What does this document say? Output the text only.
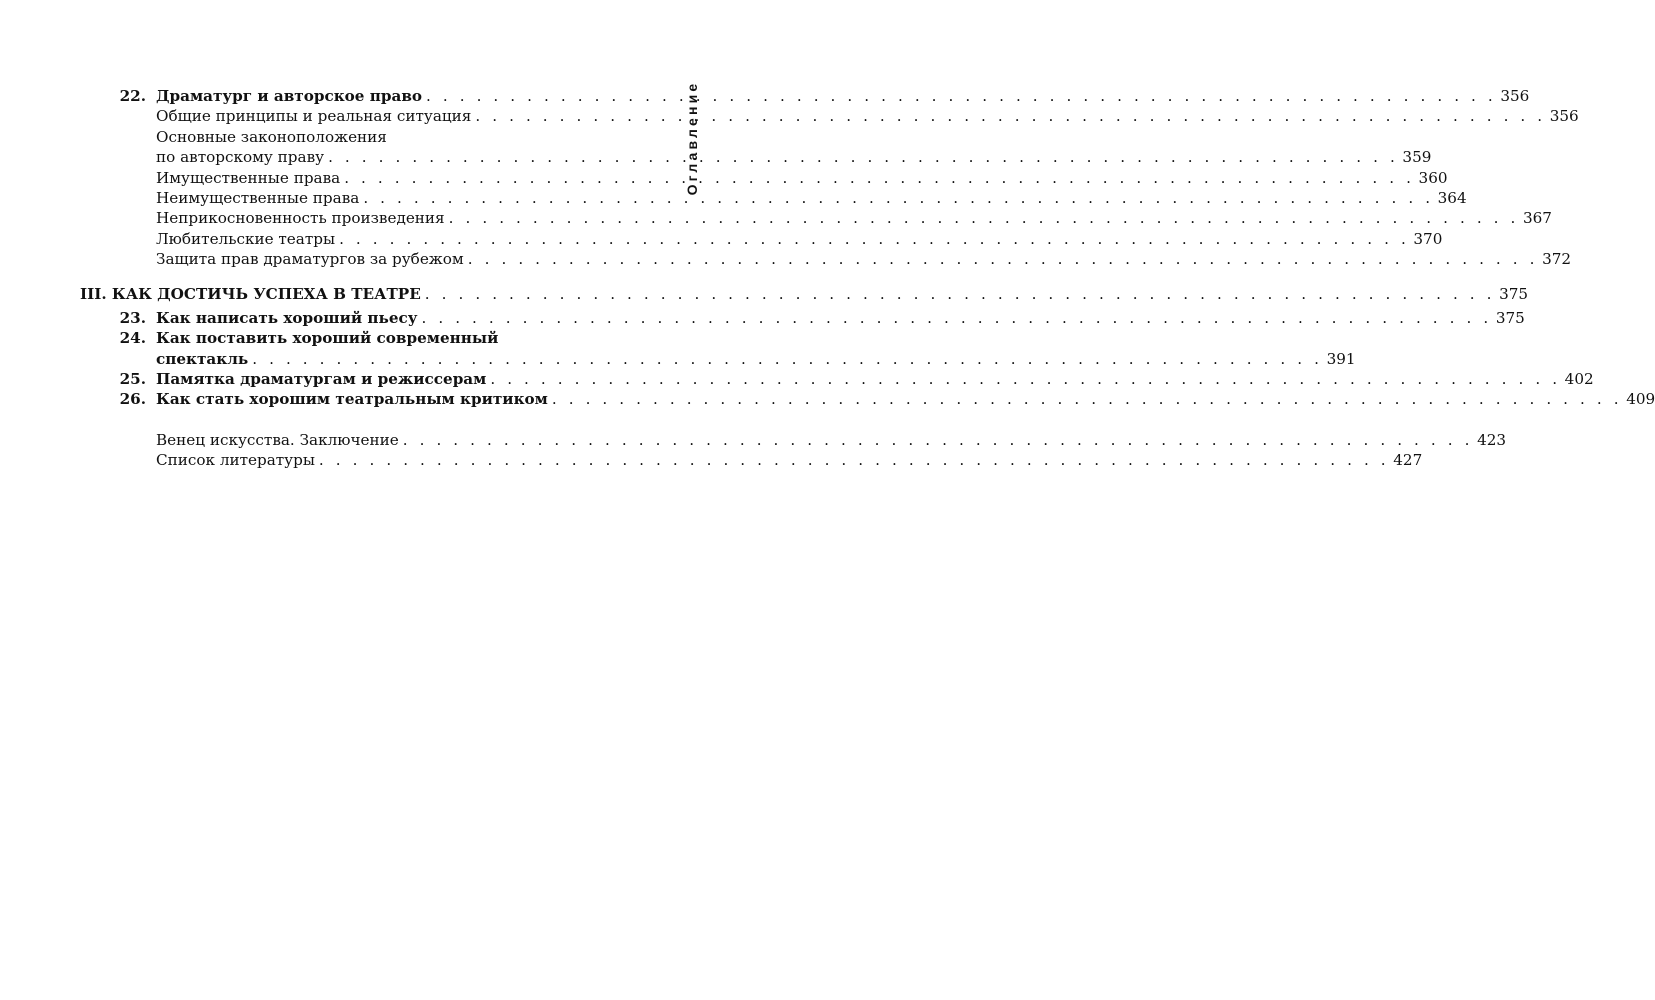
Оглавление
22. Драматург и авторское право . . . . . . . . . . . . . . . . . . . . . . . . . . . . . . . . . . . . . . . . . . . . . . . . . . . . . . . . . . . . . . . . 356
Общие принципы и реальная ситуация . . . . . . . . . . . . . . . . . . . . . . . . . . . . . . . . . . . . . . . . . . . . . . . . . . . . . . . . . . . . . . . . 356
Основные законоположения
по авторскому праву . . . . . . . . . . . . . . . . . . . . . . . . . . . . . . . . . . . . . . . . . . . . . . . . . . . . . . . . . . . . . . . . 359
Имущественные права . . . . . . . . . . . . . . . . . . . . . . . . . . . . . . . . . . . . . . . . . . . . . . . . . . . . . . . . . . . . . . . . 360
Неимущественные права . . . . . . . . . . . . . . . . . . . . . . . . . . . . . . . . . . . . . . . . . . . . . . . . . . . . . . . . . . . . . . . . 364
Неприкосновенность произведения . . . . . . . . . . . . . . . . . . . . . . . . . . . . . . . . . . . . . . . . . . . . . . . . . . . . . . . . . . . . . . . . 367
Любительские театры . . . . . . . . . . . . . . . . . . . . . . . . . . . . . . . . . . . . . . . . . . . . . . . . . . . . . . . . . . . . . . . . 370
Защита прав драматургов за рубежом . . . . . . . . . . . . . . . . . . . . . . . . . . . . . . . . . . . . . . . . . . . . . . . . . . . . . . . . . . . . . . . . 372
III. КАК ДОСТИЧЬ УСПЕХА В ТЕАТРЕ . . . . . . . . . . . . . . . . . . . . . . . . . . . . . . . . . . . . . . . . . . . . . . . . . . . . . . . . . . . . . . . . 375
23. Как написать хороший пьесу . . . . . . . . . . . . . . . . . . . . . . . . . . . . . . . . . . . . . . . . . . . . . . . . . . . . . . . . . . . . . . . . 375
24. Как поставить хороший современный
спектакль . . . . . . . . . . . . . . . . . . . . . . . . . . . . . . . . . . . . . . . . . . . . . . . . . . . . . . . . . . . . . . . . 391
25. Памятка драматургам и режиссерам . . . . . . . . . . . . . . . . . . . . . . . . . . . . . . . . . . . . . . . . . . . . . . . . . . . . . . . . . . . . . . . . 402
26. Как стать хорошим театральным критиком . . . . . . . . . . . . . . . . . . . . . . . . . . . . . . . . . . . . . . . . . . . . . . . . . . . . . . . . . . . . . . . . 409
Венец искусства. Заключение . . . . . . . . . . . . . . . . . . . . . . . . . . . . . . . . . . . . . . . . . . . . . . . . . . . . . . . . . . . . . . . . 423
Список литературы . . . . . . . . . . . . . . . . . . . . . . . . . . . . . . . . . . . . . . . . . . . . . . . . . . . . . . . . . . . . . . . . 427
